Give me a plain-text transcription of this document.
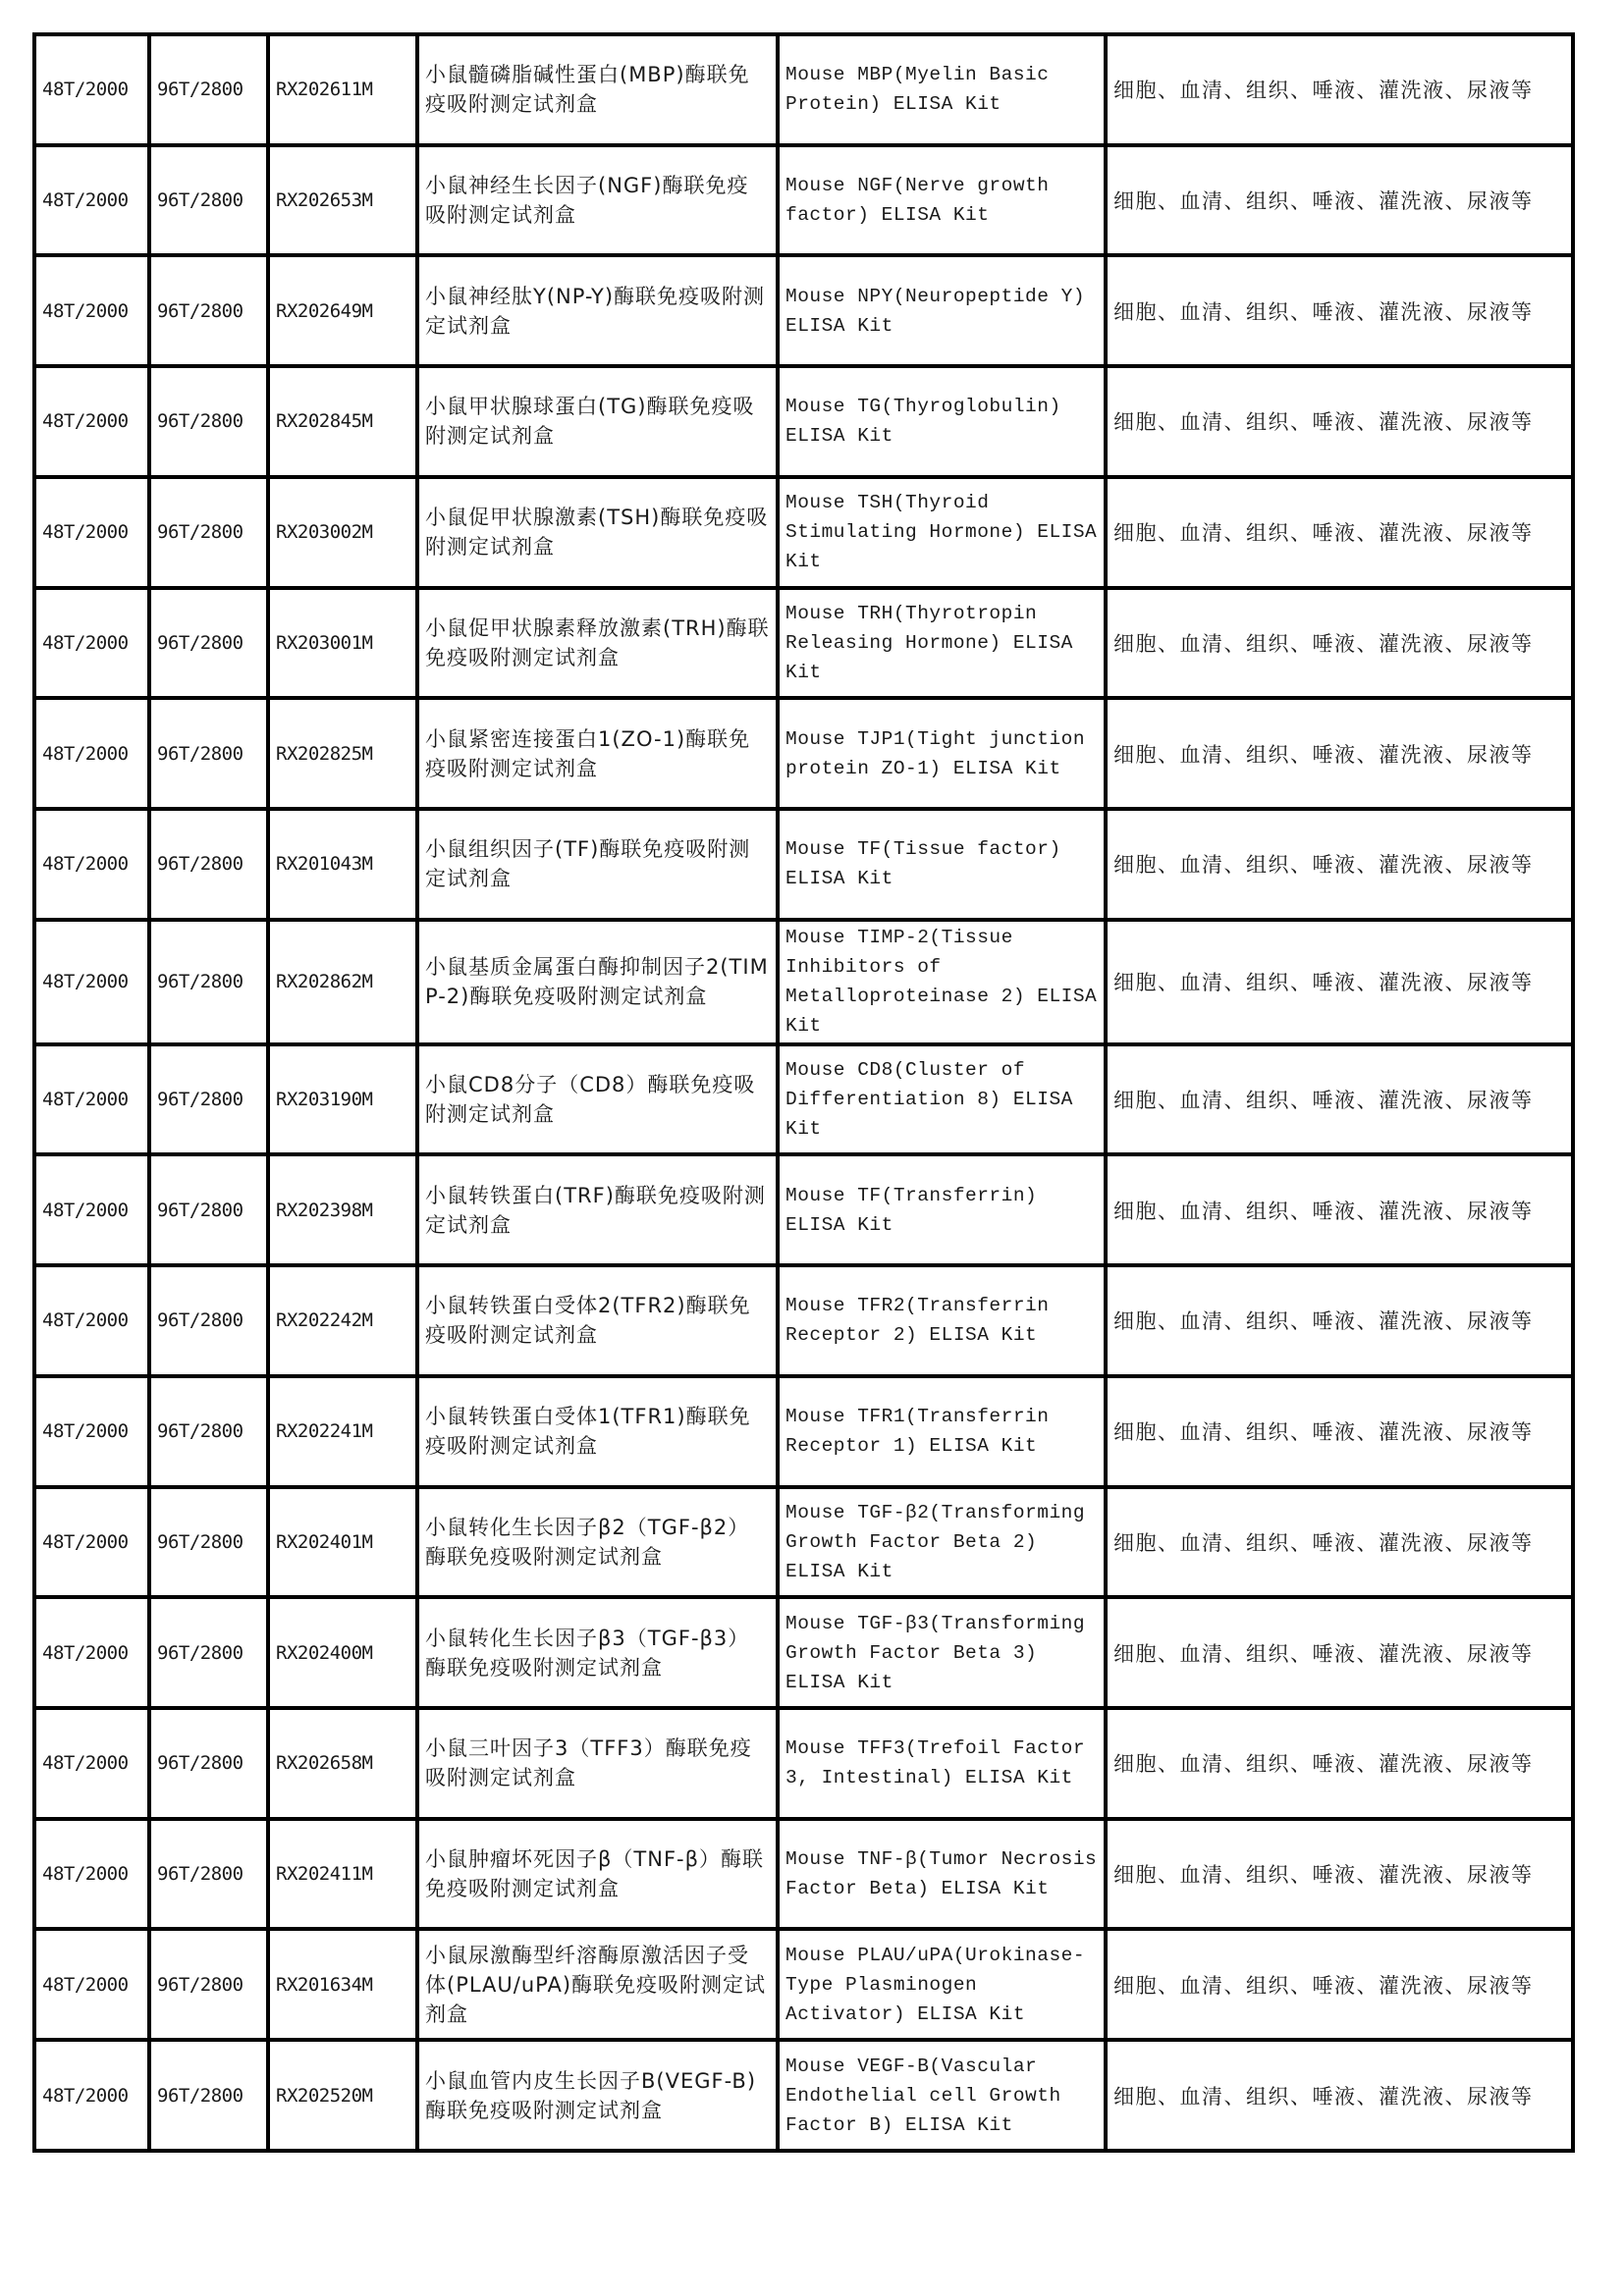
48T/2000	96T/2800	RX202611M	小鼠髓磷脂碱性蛋白(MBP)酶联免疫吸附测定试剂盒	Mouse MBP(Myelin Basic Protein) ELISA Kit	细胞、血清、组织、唾液、灌洗液、尿液等
48T/2000	96T/2800	RX202653M	小鼠神经生长因子(NGF)酶联免疫吸附测定试剂盒	Mouse NGF(Nerve growth factor) ELISA Kit	细胞、血清、组织、唾液、灌洗液、尿液等
48T/2000	96T/2800	RX202649M	小鼠神经肽Y(NP-Y)酶联免疫吸附测定试剂盒	Mouse NPY(Neuropeptide Y) ELISA Kit	细胞、血清、组织、唾液、灌洗液、尿液等
48T/2000	96T/2800	RX202845M	小鼠甲状腺球蛋白(TG)酶联免疫吸附测定试剂盒	Mouse TG(Thyroglobulin) ELISA Kit	细胞、血清、组织、唾液、灌洗液、尿液等
48T/2000	96T/2800	RX203002M	小鼠促甲状腺激素(TSH)酶联免疫吸附测定试剂盒	Mouse TSH(Thyroid Stimulating Hormone) ELISA Kit	细胞、血清、组织、唾液、灌洗液、尿液等
48T/2000	96T/2800	RX203001M	小鼠促甲状腺素释放激素(TRH)酶联免疫吸附测定试剂盒	Mouse TRH(Thyrotropin Releasing Hormone) ELISA Kit	细胞、血清、组织、唾液、灌洗液、尿液等
48T/2000	96T/2800	RX202825M	小鼠紧密连接蛋白1(ZO-1)酶联免疫吸附测定试剂盒	Mouse TJP1(Tight junction protein ZO-1) ELISA Kit	细胞、血清、组织、唾液、灌洗液、尿液等
48T/2000	96T/2800	RX201043M	小鼠组织因子(TF)酶联免疫吸附测定试剂盒	Mouse TF(Tissue factor) ELISA Kit	细胞、血清、组织、唾液、灌洗液、尿液等
48T/2000	96T/2800	RX202862M	小鼠基质金属蛋白酶抑制因子2(TIMP-2)酶联免疫吸附测定试剂盒	Mouse TIMP-2(Tissue Inhibitors of Metalloproteinase 2) ELISA Kit	细胞、血清、组织、唾液、灌洗液、尿液等
48T/2000	96T/2800	RX203190M	小鼠CD8分子（CD8）酶联免疫吸附测定试剂盒	Mouse CD8(Cluster of Differentiation 8) ELISA Kit	细胞、血清、组织、唾液、灌洗液、尿液等
48T/2000	96T/2800	RX202398M	小鼠转铁蛋白(TRF)酶联免疫吸附测定试剂盒	Mouse TF(Transferrin) ELISA Kit	细胞、血清、组织、唾液、灌洗液、尿液等
48T/2000	96T/2800	RX202242M	小鼠转铁蛋白受体2(TFR2)酶联免疫吸附测定试剂盒	Mouse TFR2(Transferrin Receptor 2) ELISA Kit	细胞、血清、组织、唾液、灌洗液、尿液等
48T/2000	96T/2800	RX202241M	小鼠转铁蛋白受体1(TFR1)酶联免疫吸附测定试剂盒	Mouse TFR1(Transferrin Receptor 1) ELISA Kit	细胞、血清、组织、唾液、灌洗液、尿液等
48T/2000	96T/2800	RX202401M	小鼠转化生长因子β2（TGF-β2）酶联免疫吸附测定试剂盒	Mouse TGF-β2(Transforming Growth Factor Beta 2) ELISA Kit	细胞、血清、组织、唾液、灌洗液、尿液等
48T/2000	96T/2800	RX202400M	小鼠转化生长因子β3（TGF-β3）酶联免疫吸附测定试剂盒	Mouse TGF-β3(Transforming Growth Factor Beta 3) ELISA Kit	细胞、血清、组织、唾液、灌洗液、尿液等
48T/2000	96T/2800	RX202658M	小鼠三叶因子3（TFF3）酶联免疫吸附测定试剂盒	Mouse TFF3(Trefoil Factor 3, Intestinal) ELISA Kit	细胞、血清、组织、唾液、灌洗液、尿液等
48T/2000	96T/2800	RX202411M	小鼠肿瘤坏死因子β（TNF-β）酶联免疫吸附测定试剂盒	Mouse TNF-β(Tumor Necrosis Factor Beta) ELISA Kit	细胞、血清、组织、唾液、灌洗液、尿液等
48T/2000	96T/2800	RX201634M	小鼠尿激酶型纤溶酶原激活因子受体(PLAU/uPA)酶联免疫吸附测定试剂盒	Mouse PLAU/uPA(Urokinase-Type Plasminogen Activator) ELISA Kit	细胞、血清、组织、唾液、灌洗液、尿液等
48T/2000	96T/2800	RX202520M	小鼠血管内皮生长因子B(VEGF-B)酶联免疫吸附测定试剂盒	Mouse VEGF-B(Vascular Endothelial cell Growth Factor B) ELISA Kit	细胞、血清、组织、唾液、灌洗液、尿液等
